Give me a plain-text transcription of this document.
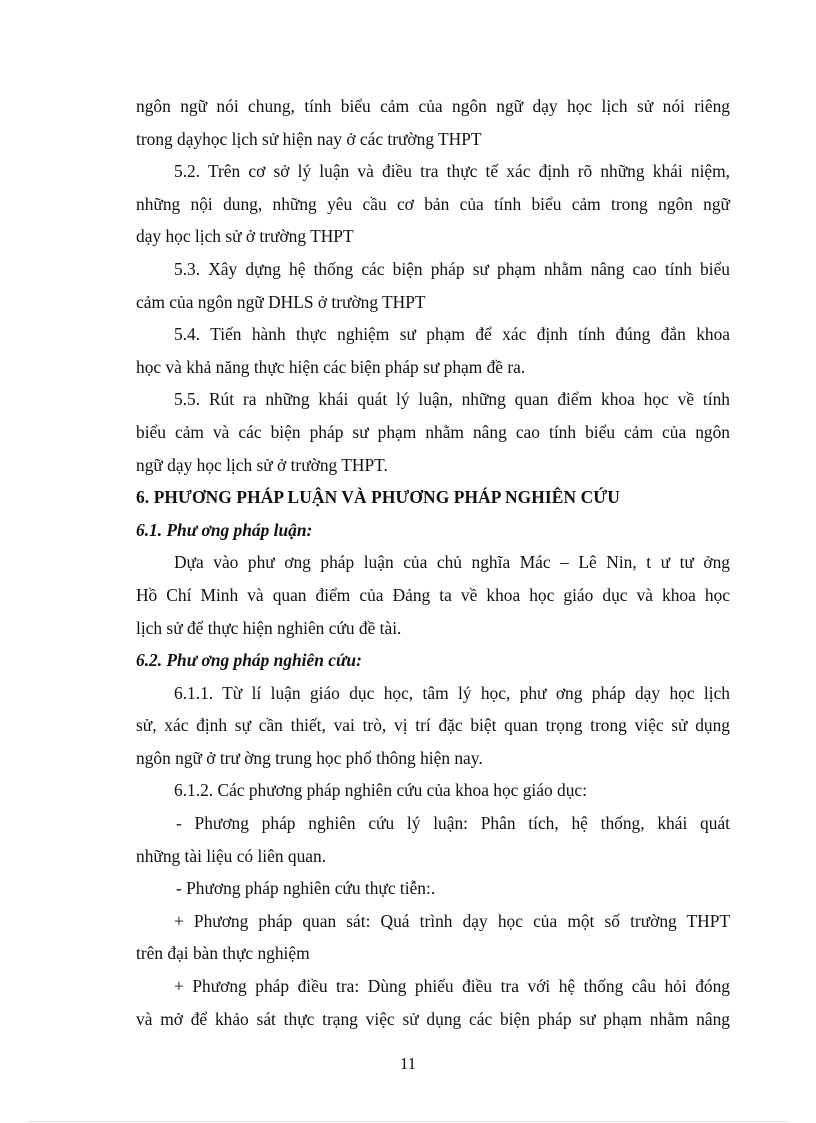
ngôn ngữ nói chung, tính biểu cảm của ngôn ngữ dạy học lịch sử nói riêng
trong dạyhọc lịch sử hiện nay ở các trường THPT
5.2. Trên cơ sở lý luận và điều tra thực tế xác định rõ những khái niệm,
những nội dung, những yêu cầu cơ bản của tính biểu cảm trong ngôn ngữ
dạy học lịch sử ở trường THPT
5.3. Xây dựng hệ thống các biện pháp sư phạm nhằm nâng cao tính biểu
cảm của ngôn ngữ DHLS ở trường THPT
5.4. Tiến hành thực nghiệm sư phạm để xác định tính đúng đắn khoa
học và khả năng thực hiện các biện pháp sư phạm đề ra.
5.5. Rút ra những khái quát lý luận, những quan điểm khoa học về tính
biểu cảm và các biện pháp sư phạm nhằm nâng cao tính biểu cảm của ngôn
ngữ dạy học lịch sử ở trường THPT.
6. PHƯƠNG PHÁP LUẬN VÀ PHƯƠNG PHÁP NGHIÊN CỨU
6.1. Phư ơng pháp luận:
Dựa vào phư ơng pháp luận của chủ nghĩa Mác – Lê Nin, t ư tư ởng
Hồ Chí Minh và quan điểm của Đảng ta về khoa học giáo dục và khoa học
lịch sử để thực hiện nghiên cứu đề tài.
6.2. Phư ơng pháp nghiên cứu:
6.1.1. Từ lí luận giáo dục học, tâm lý học, phư ơng pháp dạy học lịch
sử, xác định sự cần thiết, vai trò, vị trí đặc biệt quan trọng trong việc sử dụng
ngôn ngữ ở trư ờng trung học phổ thông hiện nay.
6.1.2. Các phương pháp nghiên cứu của khoa học giáo dục:
- Phương pháp nghiên cứu lý luận: Phân tích, hệ thống, khái quát
những tài liệu có liên quan.
- Phương pháp nghiên cứu thực tiễn:.
+ Phương pháp quan sát: Quá trình dạy học của một số trường THPT
trên đại bàn thực nghiệm
+ Phương pháp điều tra: Dùng phiếu điều tra với hệ thống câu hỏi đóng
và mở để khảo sát thực trạng việc sử dụng các biện pháp sư phạm nhằm nâng
11
